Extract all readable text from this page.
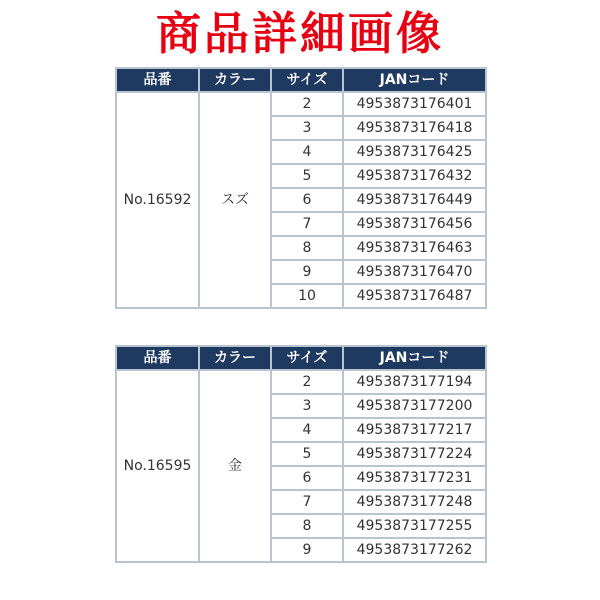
商品詳細画像
品番	カラー	サイズ	JANコード
No.16592	スズ	2	4953873176401
		3	4953873176418
		4	4953873176425
		5	4953873176432
		6	4953873176449
		7	4953873176456
		8	4953873176463
		9	4953873176470
		10	4953873176487
品番	カラー	サイズ	JANコード
No.16595	金	2	4953873177194
		3	4953873177200
		4	4953873177217
		5	4953873177224
		6	4953873177231
		7	4953873177248
		8	4953873177255
		9	4953873177262
